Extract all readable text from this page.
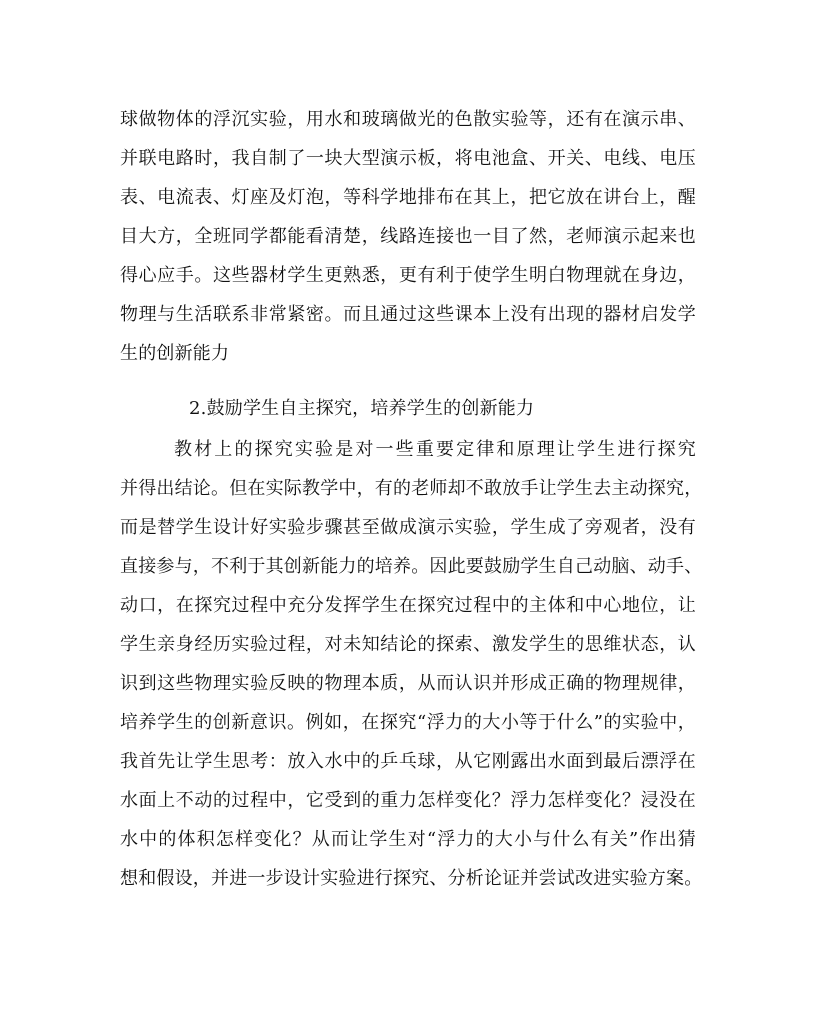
球做物体的浮沉实验，用水和玻璃做光的色散实验等，还有在演示串、
并联电路时，我自制了一块大型演示板，将电池盒、开关、电线、电压
表、电流表、灯座及灯泡，等科学地排布在其上，把它放在讲台上，醒
目大方，全班同学都能看清楚，线路连接也一目了然，老师演示起来也
得心应手。这些器材学生更熟悉，更有利于使学生明白物理就在身边，
物理与生活联系非常紧密。而且通过这些课本上没有出现的器材启发学
生的创新能力
2.鼓励学生自主探究，培养学生的创新能力
教材上的探究实验是对一些重要定律和原理让学生进行探究
并得出结论。但在实际教学中，有的老师却不敢放手让学生去主动探究，
而是替学生设计好实验步骤甚至做成演示实验，学生成了旁观者，没有
直接参与，不利于其创新能力的培养。因此要鼓励学生自己动脑、动手、
动口，在探究过程中充分发挥学生在探究过程中的主体和中心地位，让
学生亲身经历实验过程，对未知结论的探索、激发学生的思维状态，认
识到这些物理实验反映的物理本质，从而认识并形成正确的物理规律，
培养学生的创新意识。例如，在探究“浮力的大小等于什么”的实验中，
我首先让学生思考：放入水中的乒乓球，从它刚露出水面到最后漂浮在
水面上不动的过程中，它受到的重力怎样变化？浮力怎样变化？浸没在
水中的体积怎样变化？从而让学生对“浮力的大小与什么有关”作出猜
想和假设，并进一步设计实验进行探究、分析论证并尝试改进实验方案。
